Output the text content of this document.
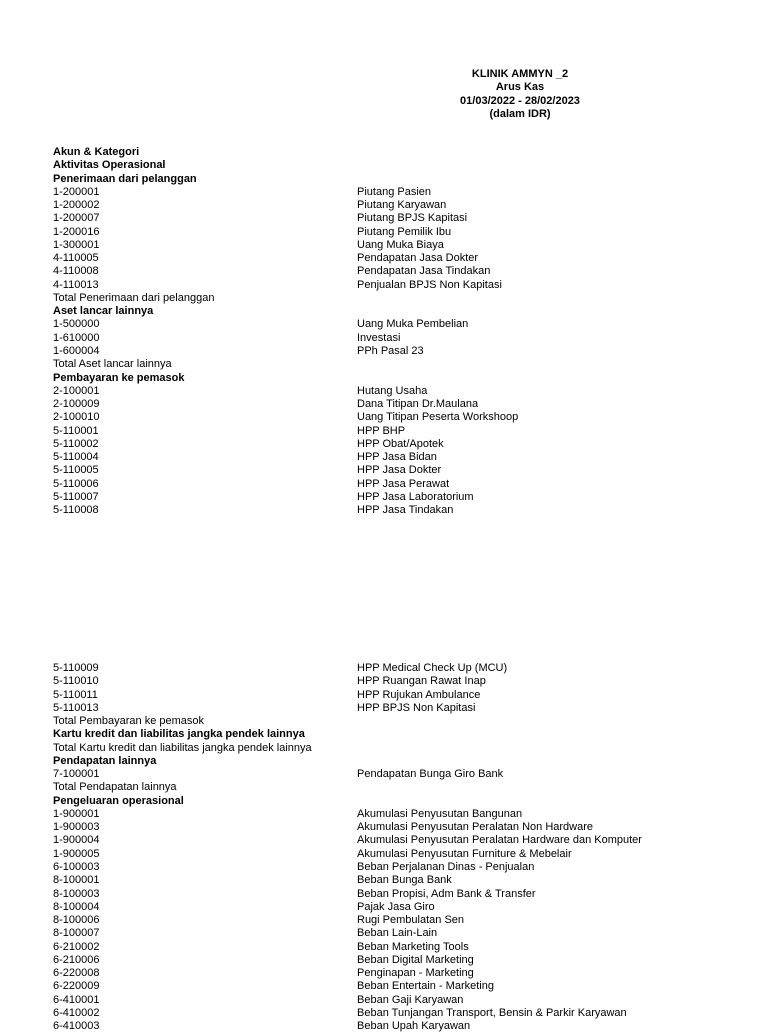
KLINIK AMMYN _2
Arus Kas
01/03/2022 - 28/02/2023
(dalam IDR)
Akun & Kategori
Aktivitas Operasional
Penerimaan dari pelanggan
1-200001	Piutang Pasien
1-200002	Piutang Karyawan
1-200007	Piutang BPJS Kapitasi
1-200016	Piutang Pemilik Ibu
1-300001	Uang Muka Biaya
4-110005	Pendapatan Jasa Dokter
4-110008	Pendapatan Jasa Tindakan
4-110013	Penjualan BPJS Non Kapitasi
Total Penerimaan dari pelanggan
Aset lancar lainnya
1-500000	Uang Muka Pembelian
1-610000	Investasi
1-600004	PPh Pasal 23
Total Aset lancar lainnya
Pembayaran ke pemasok
2-100001	Hutang Usaha
2-100009	Dana Titipan Dr.Maulana
2-100010	Uang Titipan Peserta Workshoop
5-110001	HPP BHP
5-110002	HPP Obat/Apotek
5-110004	HPP Jasa Bidan
5-110005	HPP Jasa Dokter
5-110006	HPP Jasa Perawat
5-110007	HPP Jasa Laboratorium
5-110008	HPP Jasa Tindakan
5-110009	HPP Medical Check Up (MCU)
5-110010	HPP Ruangan Rawat Inap
5-110011	HPP Rujukan Ambulance
5-110013	HPP BPJS Non Kapitasi
Total Pembayaran ke pemasok
Kartu kredit dan liabilitas jangka pendek lainnya
Total Kartu kredit dan liabilitas jangka pendek lainnya
Pendapatan lainnya
7-100001	Pendapatan Bunga Giro Bank
Total Pendapatan lainnya
Pengeluaran operasional
1-900001	Akumulasi Penyusutan Bangunan
1-900003	Akumulasi Penyusutan Peralatan Non Hardware
1-900004	Akumulasi Penyusutan Peralatan Hardware dan Komputer
1-900005	Akumulasi Penyusutan Furniture & Mebelair
6-100003	Beban Perjalanan Dinas - Penjualan
8-100001	Beban Bunga Bank
8-100003	Beban Propisi, Adm Bank & Transfer
8-100004	Pajak Jasa Giro
8-100006	Rugi Pembulatan Sen
8-100007	Beban Lain-Lain
6-210002	Beban Marketing Tools
6-210006	Beban Digital Marketing
6-220008	Penginapan - Marketing
6-220009	Beban Entertain - Marketing
6-410001	Beban Gaji Karyawan
6-410002	Beban Tunjangan Transport, Bensin & Parkir Karyawan
6-410003	Beban Upah Karyawan
